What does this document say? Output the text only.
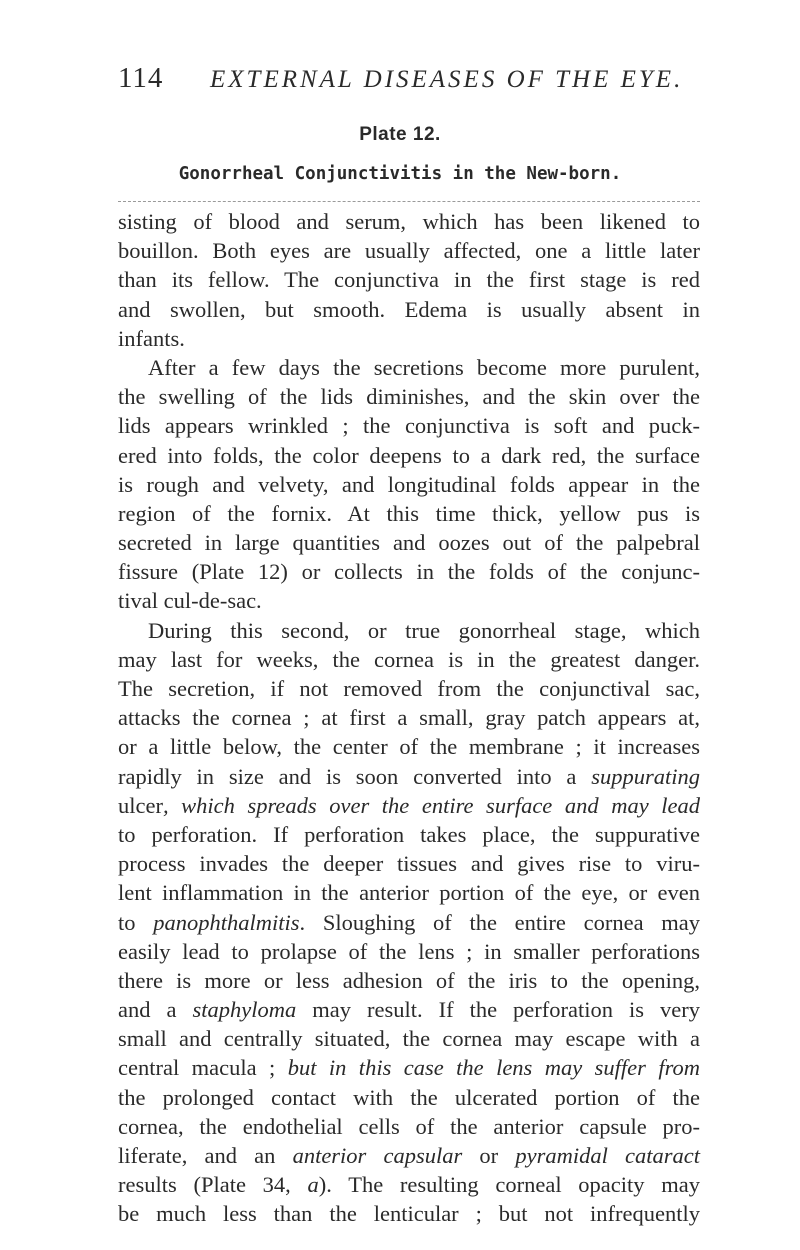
114 EXTERNAL DISEASES OF THE EYE.
Plate 12.
Gonorrheal Conjunctivitis in the New-born.
sisting of blood and serum, which has been likened to
bouillon. Both eyes are usually affected, one a little later
than its fellow. The conjunctiva in the first stage is red
and swollen, but smooth. Edema is usually absent in
infants.
After a few days the secretions become more purulent,
the swelling of the lids diminishes, and the skin over the
lids appears wrinkled ; the conjunctiva is soft and puck-
ered into folds, the color deepens to a dark red, the surface
is rough and velvety, and longitudinal folds appear in the
region of the fornix. At this time thick, yellow pus is
secreted in large quantities and oozes out of the palpebral
fissure (Plate 12) or collects in the folds of the conjunc-
tival cul-de-sac.
During this second, or true gonorrheal stage, which
may last for weeks, the cornea is in the greatest danger.
The secretion, if not removed from the conjunctival sac,
attacks the cornea ; at first a small, gray patch appears at,
or a little below, the center of the membrane ; it increases
rapidly in size and is soon converted into a suppurating
ulcer, which spreads over the entire surface and may lead
to perforation. If perforation takes place, the suppurative
process invades the deeper tissues and gives rise to viru-
lent inflammation in the anterior portion of the eye, or even
to panophthalmitis. Sloughing of the entire cornea may
easily lead to prolapse of the lens ; in smaller perforations
there is more or less adhesion of the iris to the opening,
and a staphyloma may result. If the perforation is very
small and centrally situated, the cornea may escape with a
central macula ; but in this case the lens may suffer from
the prolonged contact with the ulcerated portion of the
cornea, the endothelial cells of the anterior capsule pro-
liferate, and an anterior capsular or pyramidal cataract
results (Plate 34, a). The resulting corneal opacity may
be much less than the lenticular ; but not infrequently
